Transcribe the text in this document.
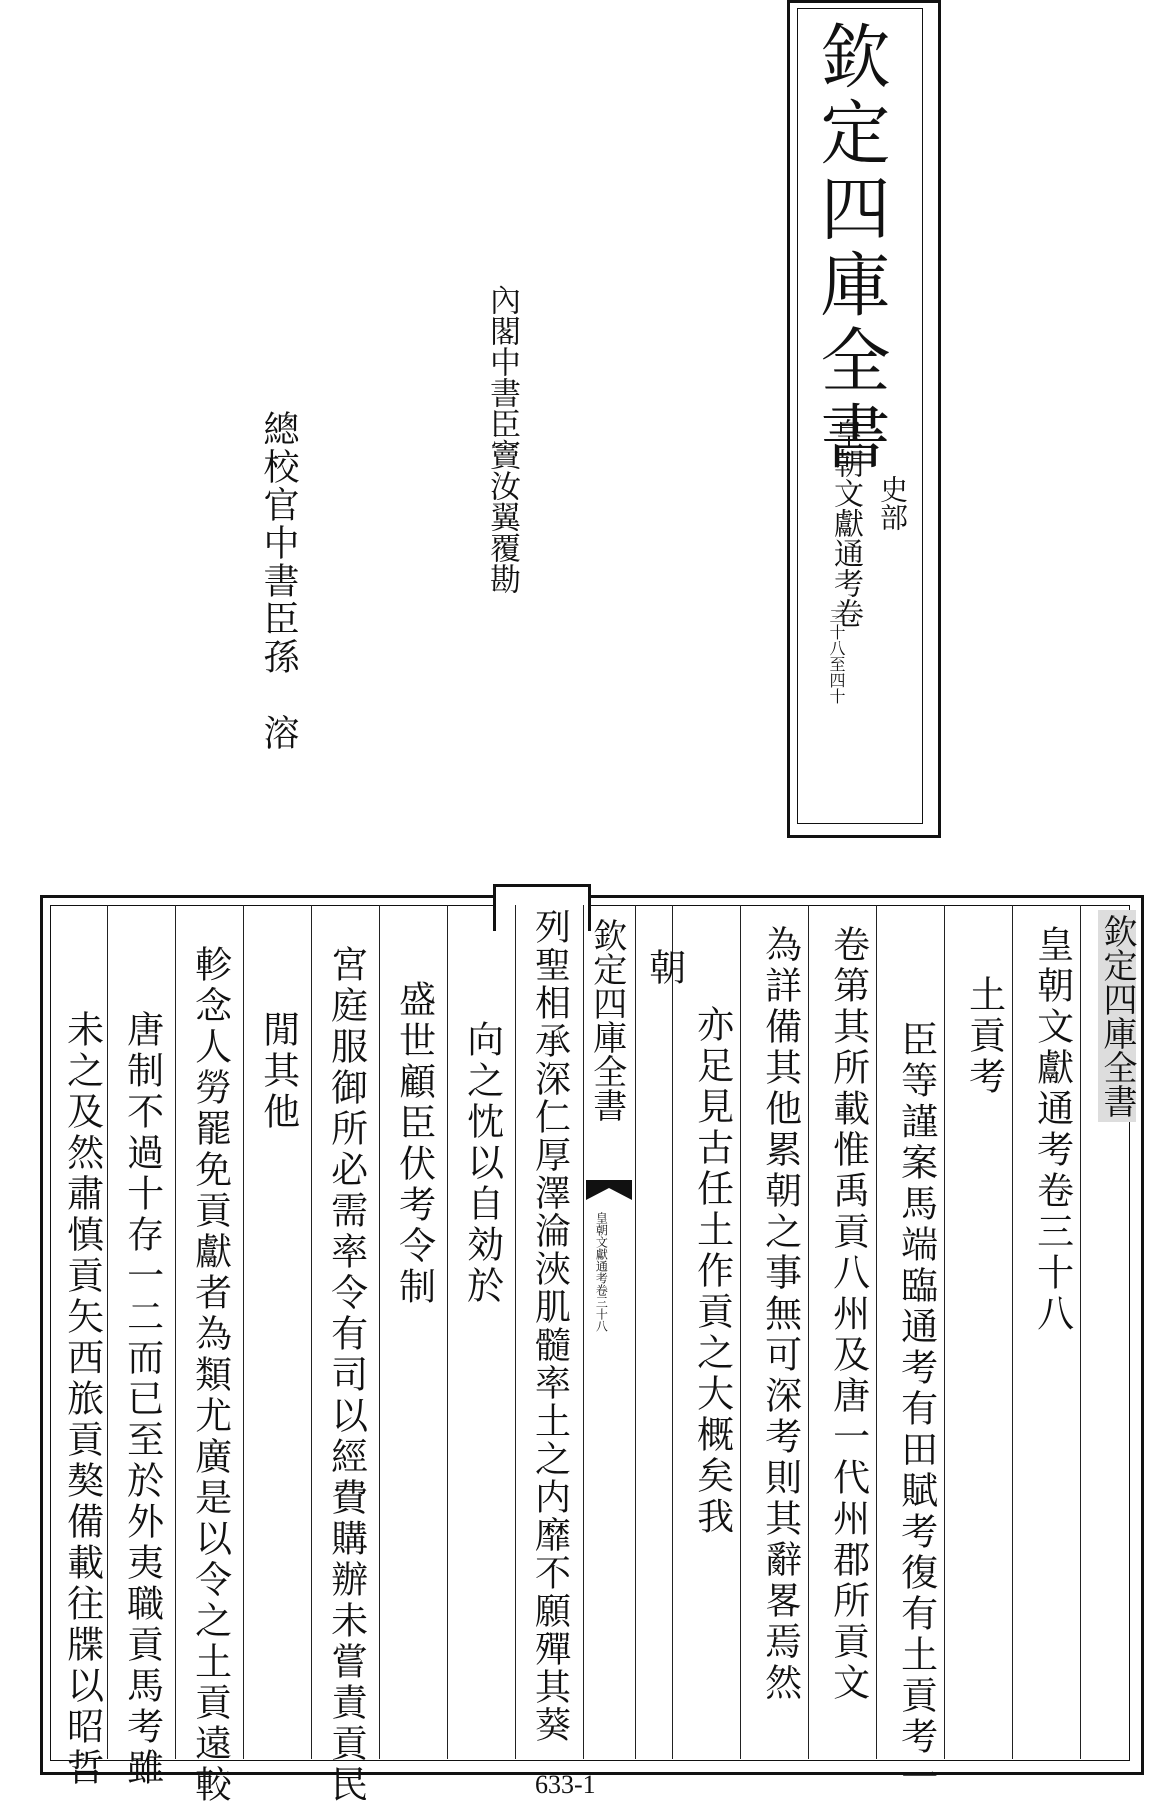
欽定四庫全書
皇朝文獻通考卷
三十八至四十
史部
內閣中書臣竇汝翼覆勘
總校官中書臣孫　溶
欽定四庫全書
欽定四庫全書
皇朝文獻通考卷三十八	皇朝文獻通考卷三十八
土貢考
臣等謹案馬端臨通考有田賦考復有土貢考一
卷第其所載惟禹貢八州及唐一代州郡所貢文
為詳備其他累朝之事無可深考則其辭畧焉然
亦足見古任土作貢之大概矣我
朝
列聖相承深仁厚澤淪浹肌髓率土之内靡不願殫其葵
向之忱以自効於
盛世顧臣伏考令制
宮庭服御所必需率令有司以經費購辦未嘗責貢民
閒其他
軫念人勞罷免貢獻者為類尤廣是以令之土貢遠較
唐制不過十存一二而已至於外夷職貢馬考雖
未之及然肅慎貢矢西旅貢獒備載往牒以昭哲	633-1
